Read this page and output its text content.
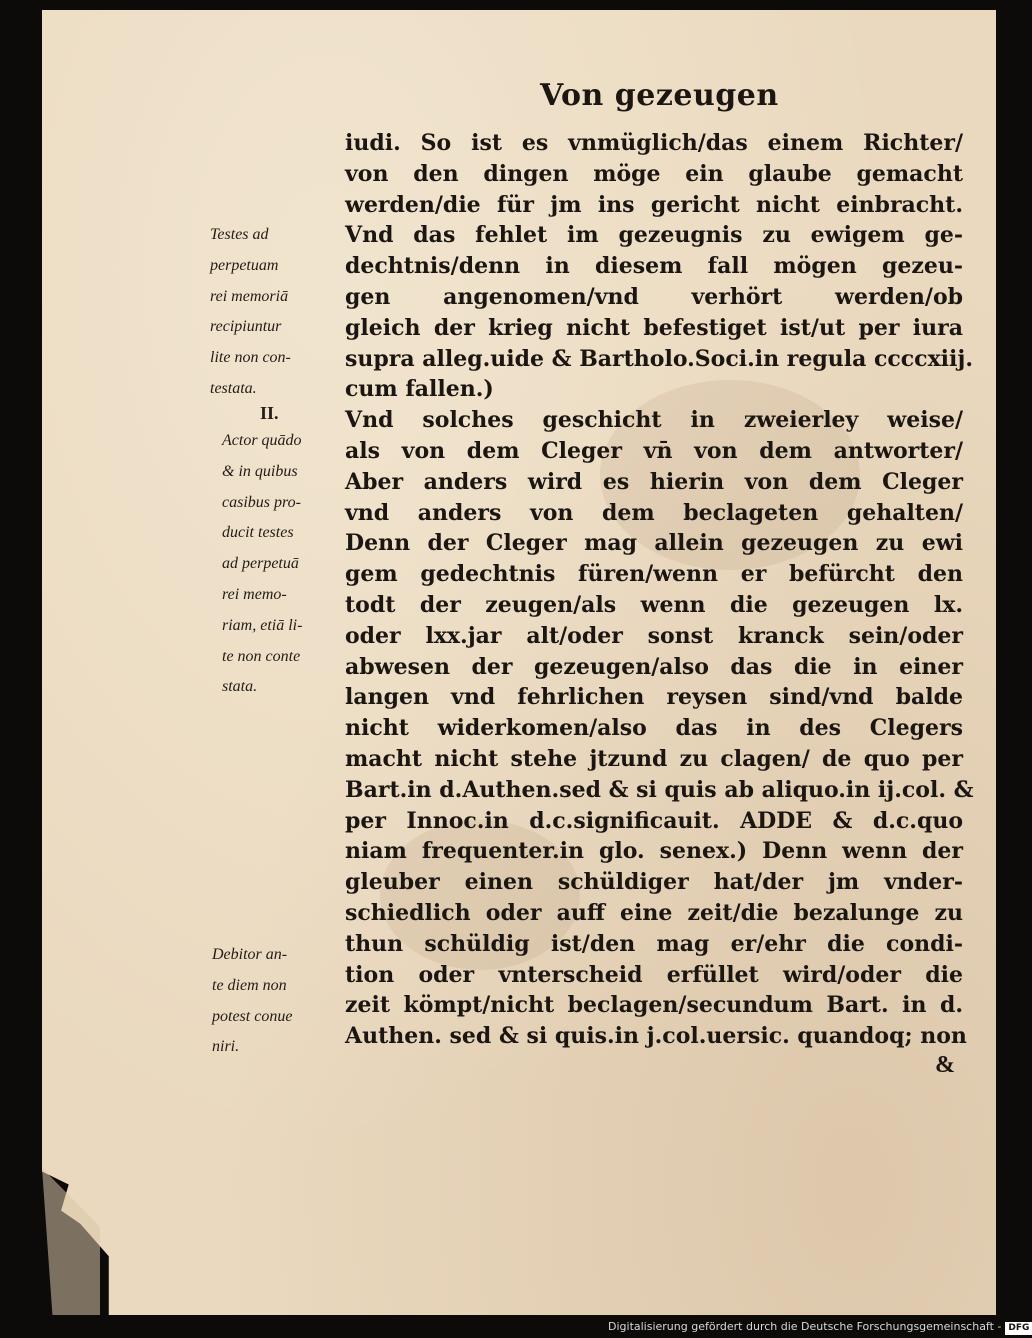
Von gezeugen
iudi. So ist es vnmüglich/das einem Richter/
von den dingen möge ein glaube gemacht
werden/die für jm ins gericht nicht einbracht.
Vnd das fehlet im gezeugnis zu ewigem ge-
dechtnis/denn in diesem fall mögen gezeu-
gen angenomen/vnd verhört werden/ob
gleich der krieg nicht befestiget ist/ut per iura
supra alleg.uide & Bartholo.Soci.in regula ccccxiij.
cum fallen.)
Vnd solches geschicht in zweierley weise/
als von dem Cleger vn̄ von dem antworter/
Aber anders wird es hierin von dem Cleger
vnd anders von dem beclageten gehalten/
Denn der Cleger mag allein gezeugen zu ewi
gem gedechtnis füren/wenn er befürcht den
todt der zeugen/als wenn die gezeugen lx.
oder lxx.jar alt/oder sonst kranck sein/oder
abwesen der gezeugen/also das die in einer
langen vnd fehrlichen reysen sind/vnd balde
nicht widerkomen/also das in des Clegers
macht nicht stehe jtzund zu clagen/ de quo per
Bart.in d.Authen.sed & si quis ab aliquo.in ij.col. &
per Innoc.in d.c.significauit. ADDE & d.c.quo
niam frequenter.in glo. senex.) Denn wenn der
gleuber einen schüldiger hat/der jm vnder-
schiedlich oder auff eine zeit/die bezalunge zu
thun schüldig ist/den mag er/ehr die condi-
tion oder vnterscheid erfüllet wird/oder die
zeit kömpt/nicht beclagen/secundum Bart. in d.
Authen. sed & si quis.in j.col.uersic. quandoq; non
Testes ad
perpetuam
rei memoriā
recipiuntur
lite non con-
testata.
II.
Actor quādo
& in quibus
casibus pro-
ducit testes
ad perpetuā
rei memo-
riam, etiā li-
te non conte
stata.
Debitor an-
te diem non
potest conue
niri.
&
Digitalisierung gefördert durch die Deutsche Forschungsgemeinschaft - DFG
